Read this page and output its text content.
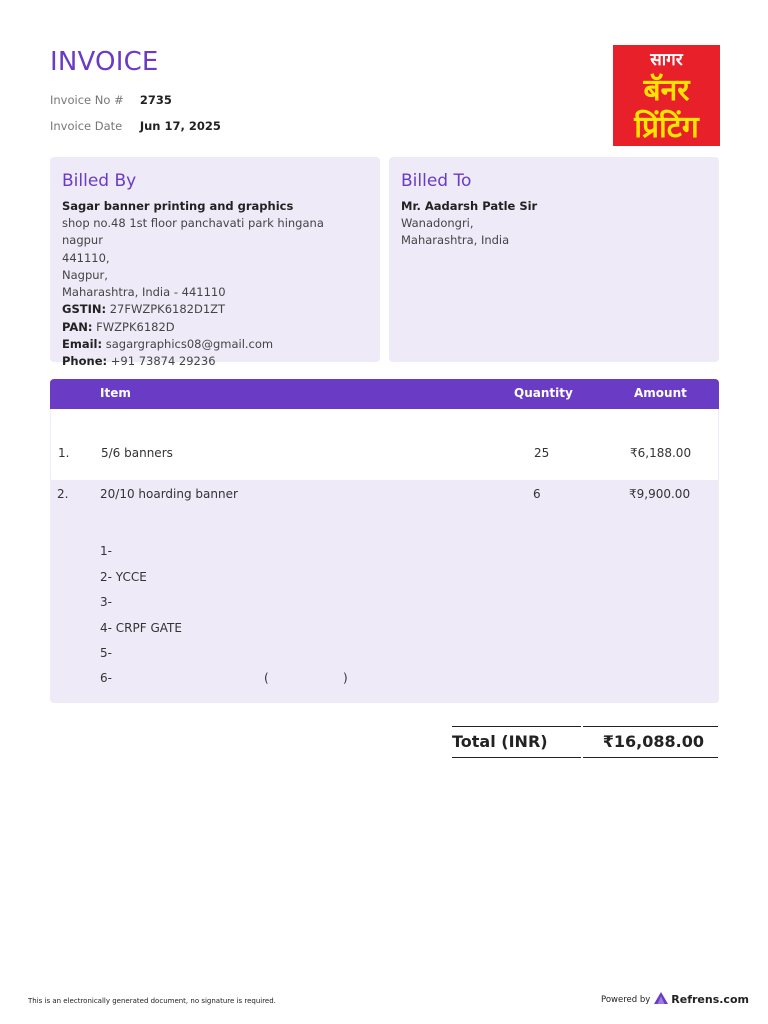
INVOICE
Invoice No # 2735
Invoice Date Jun 17, 2025
सागर
बॅनर
प्रिंटिंग
Billed By
Sagar banner printing and graphics
shop no.48 1st floor panchavati park hingana nagpur
441110,
Nagpur,
Maharashtra, India - 441110
GSTIN: 27FWZPK6182D1ZT
PAN: FWZPK6182D
Email: sagargraphics08@gmail.com
Phone: +91 73874 29236
Billed To
Mr. Aadarsh Patle Sir
Wanadongri,
Maharashtra, India
Item	Quantity	Amount
1.	5/6 banners	25	₹6,188.00
2.	20/10 hoarding banner	6	₹9,900.00
1-
2- YCCE
3-
4- CRPF GATE
5-
6-	(	)
Total (INR)	₹16,088.00
This is an electronically generated document, no signature is required.	Powered by Refrens.com
